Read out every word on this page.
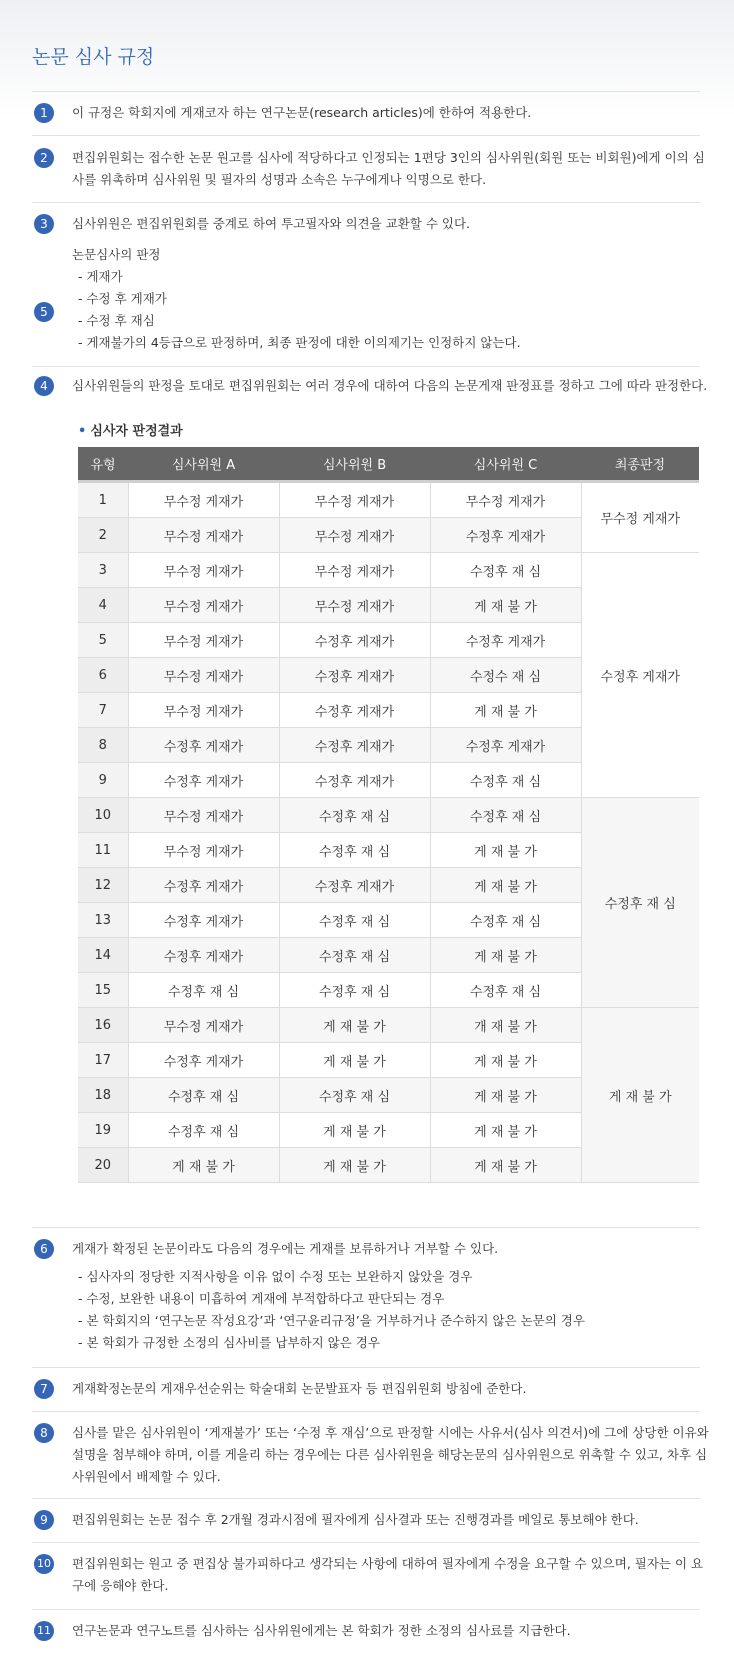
논문 심사 규정
1	이 규정은 학회지에 게재코자 하는 연구논문(research articles)에 한하여 적용한다.
2	편집위원회는 접수한 논문 원고를 심사에 적당하다고 인정되는 1편당 3인의 심사위원(회원 또는 비회원)에게 이의 심사를 위촉하며 심사위원 및 필자의 성명과 소속은 누구에게나 익명으로 한다.
3	심사위원은 편집위원회를 중계로 하여 투고필자와 의견을 교환할 수 있다.
5
논문심사의 판정
- 게재가
- 수정 후 게재가
- 수정 후 재심
- 게재불가의 4등급으로 판정하며, 최종 판정에 대한 이의제기는 인정하지 않는다.
4	심사위원들의 판정을 토대로 편집위원회는 여러 경우에 대하여 다음의 논문게재 판정표를 정하고 그에 따라 판정한다.
• 심사자 판정결과
유형	심사위원 A	심사위원 B	심사위원 C	최종판정
1	무수정 게재가	무수정 게재가	무수정 게재가	무수정 게재가
2	무수정 게재가	무수정 게재가	수정후 게재가	
3	무수정 게재가	무수정 게재가	수정후 재 심	수정후 게재가
4	무수정 게재가	무수정 게재가	게 재 불 가	
5	무수정 게재가	수정후 게재가	수정후 게재가	
6	무수정 게재가	수정후 게재가	수정수 재 심	
7	무수정 게재가	수정후 게재가	게 재 불 가	
8	수정후 게재가	수정후 게재가	수정후 게재가	
9	수정후 게재가	수정후 게재가	수정후 재 심	
10	무수정 게재가	수정후 재 심	수정후 재 심	수정후 재 심
11	무수정 게재가	수정후 재 심	게 재 불 가	
12	수정후 게재가	수정후 게재가	게 재 불 가	
13	수정후 게재가	수정후 재 심	수정후 재 심	
14	수정후 게재가	수정후 재 심	게 재 불 가	
15	수정후 재 심	수정후 재 심	수정후 재 심	
16	무수정 게재가	게 재 불 가	개 재 불 가	게 재 불 가
17	수정후 게재가	게 재 불 가	게 재 불 가	
18	수정후 재 심	수정후 재 심	게 재 불 가	
19	수정후 재 심	게 재 불 가	게 재 불 가	
20	게 재 불 가	게 재 불 가	게 재 불 가	
6	게재가 확정된 논문이라도 다음의 경우에는 게재를 보류하거나 거부할 수 있다.
- 심사자의 정당한 지적사항을 이유 없이 수정 또는 보완하지 않았을 경우
- 수정, 보완한 내용이 미흡하여 게재에 부적합하다고 판단되는 경우
- 본 학회지의 ‘연구논문 작성요강’과 ‘연구윤리규정’을 거부하거나 준수하지 않은 논문의 경우
- 본 학회가 규정한 소정의 심사비를 납부하지 않은 경우
7	게재확정논문의 게재우선순위는 학술대회 논문발표자 등 편집위원회 방침에 준한다.
8	심사를 맡은 심사위원이 ‘게재불가’ 또는 ‘수정 후 재심’으로 판정할 시에는 사유서(심사 의견서)에 그에 상당한 이유와 설명을 첨부해야 하며, 이를 게을리 하는 경우에는 다른 심사위원을 해당논문의 심사위원으로 위촉할 수 있고, 차후 심사위원에서 배제할 수 있다.
9	편집위원회는 논문 접수 후 2개월 경과시점에 필자에게 심사결과 또는 진행경과를 메일로 통보해야 한다.
10 편집위원회는 원고 중 편집상 불가피하다고 생각되는 사항에 대하여 필자에게 수정을 요구할 수 있으며, 필자는 이 요구에 응해야 한다.
11 연구논문과 연구노트를 심사하는 심사위원에게는 본 학회가 정한 소정의 심사료를 지급한다.
